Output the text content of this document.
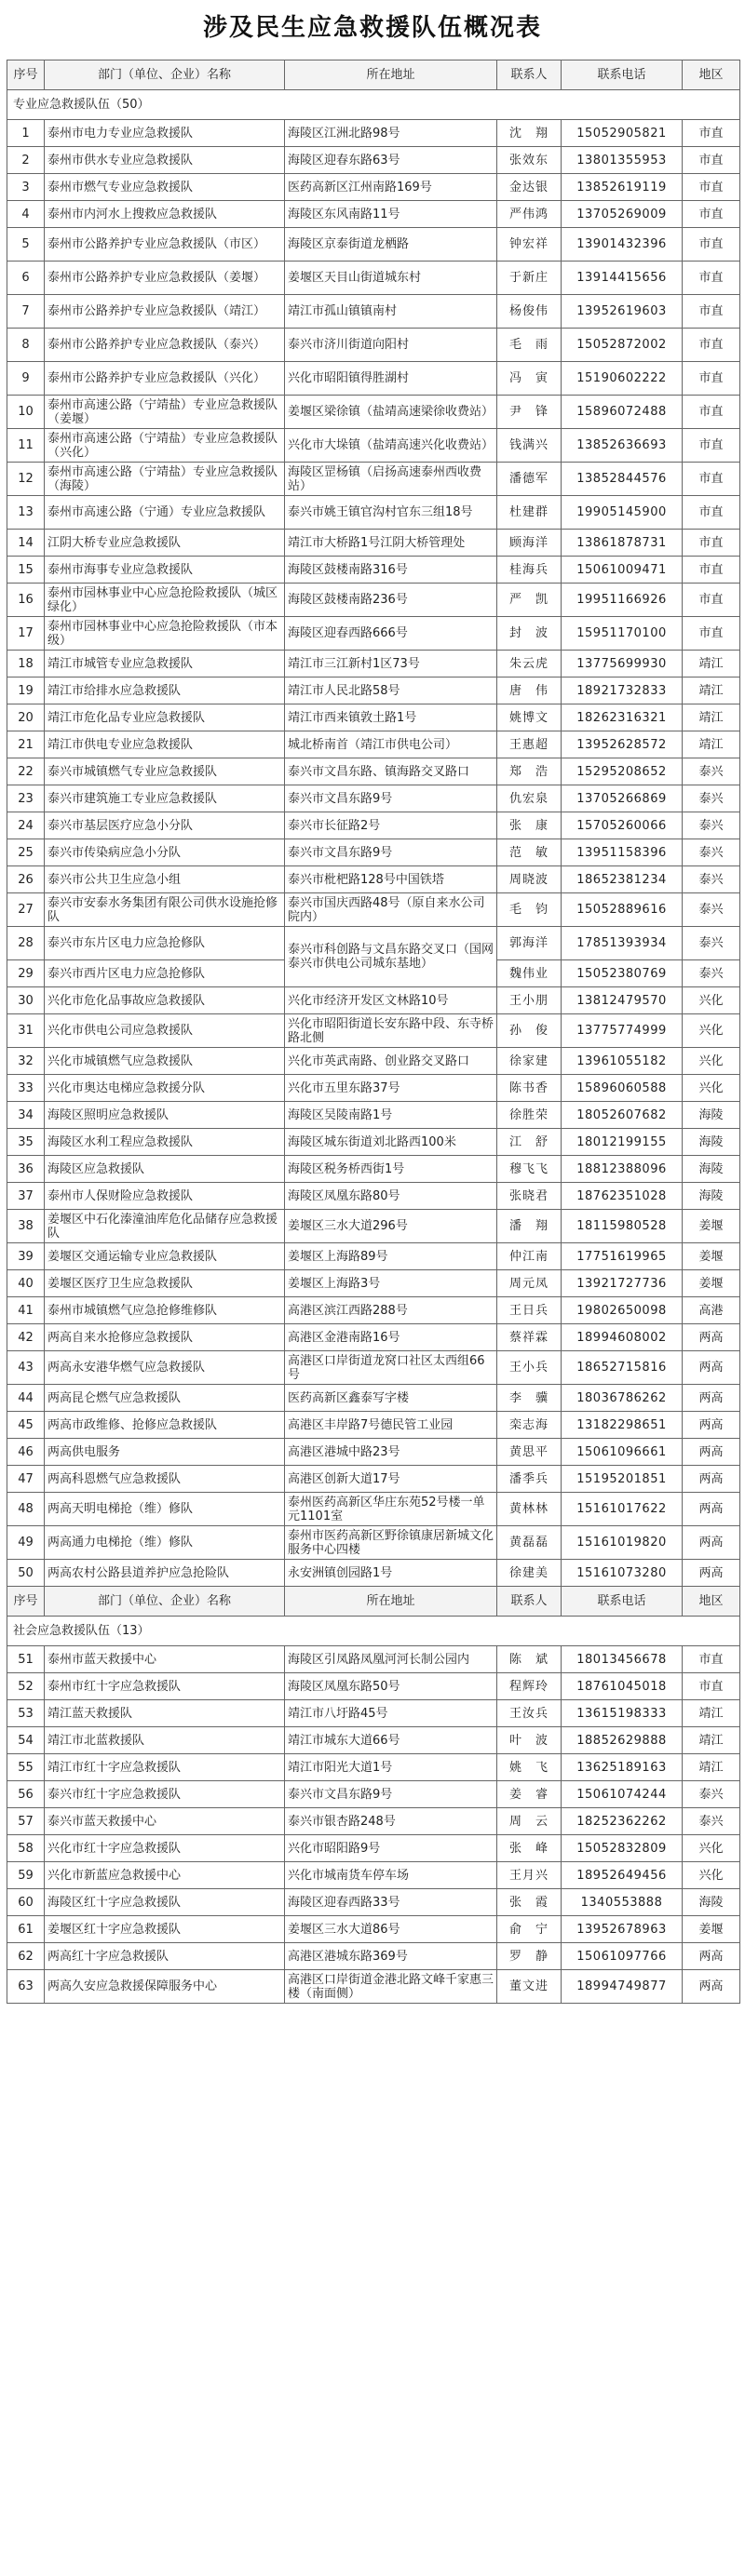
涉及民生应急救援队伍概况表
序号	部门（单位、企业）名称	所在地址	联系人	联系电话	地区
专业应急救援队伍（50）					
1	泰州市电力专业应急救援队	海陵区江洲北路98号	沈　翔	15052905821	市直
2	泰州市供水专业应急救援队	海陵区迎春东路63号	张效东	13801355953	市直
3	泰州市燃气专业应急救援队	医药高新区江州南路169号	金达银	13852619119	市直
4	泰州市内河水上搜救应急救援队	海陵区东风南路11号	严伟鸿	13705269009	市直
5	泰州市公路养护专业应急救援队（市区）	海陵区京泰街道龙栖路	钟宏祥	13901432396	市直
6	泰州市公路养护专业应急救援队（姜堰）	姜堰区天目山街道城东村	于新庄	13914415656	市直
7	泰州市公路养护专业应急救援队（靖江）	靖江市孤山镇镇南村	杨俊伟	13952619603	市直
8	泰州市公路养护专业应急救援队（泰兴）	泰兴市济川街道向阳村	毛　雨	15052872002	市直
9	泰州市公路养护专业应急救援队（兴化）	兴化市昭阳镇得胜湖村	冯　寅	15190602222	市直
10	泰州市高速公路（宁靖盐）专业应急救援队（姜堰）	姜堰区梁徐镇（盐靖高速梁徐收费站）	尹　锋	15896072488	市直
11	泰州市高速公路（宁靖盐）专业应急救援队（兴化）	兴化市大垛镇（盐靖高速兴化收费站）	钱满兴	13852636693	市直
12	泰州市高速公路（宁靖盐）专业应急救援队（海陵）	海陵区罡杨镇（启扬高速泰州西收费站）	潘德军	13852844576	市直
13	泰州市高速公路（宁通）专业应急救援队	泰兴市姚王镇官沟村官东三组18号	杜建群	19905145900	市直
14	江阴大桥专业应急救援队	靖江市大桥路1号江阴大桥管理处	顾海洋	13861878731	市直
15	泰州市海事专业应急救援队	海陵区鼓楼南路316号	桂海兵	15061009471	市直
16	泰州市园林事业中心应急抢险救援队（城区绿化）	海陵区鼓楼南路236号	严　凯	19951166926	市直
17	泰州市园林事业中心应急抢险救援队（市本级）	海陵区迎春西路666号	封　波	15951170100	市直
18	靖江市城管专业应急救援队	靖江市三江新村1区73号	朱云虎	13775699930	靖江
19	靖江市给排水应急救援队	靖江市人民北路58号	唐　伟	18921732833	靖江
20	靖江市危化品专业应急救援队	靖江市西来镇敦土路1号	姚博文	18262316321	靖江
21	靖江市供电专业应急救援队	城北桥南首（靖江市供电公司）	王惠超	13952628572	靖江
22	泰兴市城镇燃气专业应急救援队	泰兴市文昌东路、镇海路交叉路口	郑　浩	15295208652	泰兴
23	泰兴市建筑施工专业应急救援队	泰兴市文昌东路9号	仇宏泉	13705266869	泰兴
24	泰兴市基层医疗应急小分队	泰兴市长征路2号	张　康	15705260066	泰兴
25	泰兴市传染病应急小分队	泰兴市文昌东路9号	范　敏	13951158396	泰兴
26	泰兴市公共卫生应急小组	泰兴市枇杷路128号中国铁塔	周晓波	18652381234	泰兴
27	泰兴市安泰水务集团有限公司供水设施抢修队	泰兴市国庆西路48号（原自来水公司院内）	毛　钧	15052889616	泰兴
28	泰兴市东片区电力应急抢修队	泰兴市科创路与文昌东路交叉口（国网泰兴市供电公司城东基地）	郭海洋	17851393934	泰兴
29	泰兴市西片区电力应急抢修队		魏伟业	15052380769	泰兴
30	兴化市危化品事故应急救援队	兴化市经济开发区文林路10号	王小朋	13812479570	兴化
31	兴化市供电公司应急救援队	兴化市昭阳街道长安东路中段、东寺桥路北侧	孙　俊	13775774999	兴化
32	兴化市城镇燃气应急救援队	兴化市英武南路、创业路交叉路口	徐家建	13961055182	兴化
33	兴化市奥达电梯应急救援分队	兴化市五里东路37号	陈书香	15896060588	兴化
34	海陵区照明应急救援队	海陵区吴陵南路1号	徐胜荣	18052607682	海陵
35	海陵区水利工程应急救援队	海陵区城东街道刘北路西100米	江　舒	18012199155	海陵
36	海陵区应急救援队	海陵区税务桥西街1号	穆飞飞	18812388096	海陵
37	泰州市人保财险应急救援队	海陵区凤凰东路80号	张晓君	18762351028	海陵
38	姜堰区中石化溱潼油库危化品储存应急救援队	姜堰区三水大道296号	潘　翔	18115980528	姜堰
39	姜堰区交通运输专业应急救援队	姜堰区上海路89号	仲江南	17751619965	姜堰
40	姜堰区医疗卫生应急救援队	姜堰区上海路3号	周元凤	13921727736	姜堰
41	泰州市城镇燃气应急抢修维修队	高港区滨江西路288号	王日兵	19802650098	高港
42	两高自来水抢修应急救援队	高港区金港南路16号	蔡祥霖	18994608002	两高
43	两高永安港华燃气应急救援队	高港区口岸街道龙窝口社区太西组66号	王小兵	18652715816	两高
44	两高昆仑燃气应急救援队	医药高新区鑫泰写字楼	李　骥	18036786262	两高
45	两高市政维修、抢修应急救援队	高港区丰岸路7号德民管工业园	栾志海	13182298651	两高
46	两高供电服务	高港区港城中路23号	黄思平	15061096661	两高
47	两高科恩燃气应急救援队	高港区创新大道17号	潘季兵	15195201851	两高
48	两高天明电梯抢（维）修队	泰州医药高新区华庄东苑52号楼一单元1101室	黄林林	15161017622	两高
49	两高通力电梯抢（维）修队	泰州市医药高新区野徐镇康居新城文化服务中心四楼	黄磊磊	15161019820	两高
50	两高农村公路县道养护应急抢险队	永安洲镇创园路1号	徐建美	15161073280	两高
序号	部门（单位、企业）名称	所在地址	联系人	联系电话	地区
社会应急救援队伍（13）					
51	泰州市蓝天救援中心	海陵区引凤路凤凰河河长制公园内	陈　斌	18013456678	市直
52	泰州市红十字应急救援队	海陵区凤凰东路50号	程辉玲	18761045018	市直
53	靖江蓝天救援队	靖江市八圩路45号	王汝兵	13615198333	靖江
54	靖江市北蓝救援队	靖江市城东大道66号	叶　波	18852629888	靖江
55	靖江市红十字应急救援队	靖江市阳光大道1号	姚　飞	13625189163	靖江
56	泰兴市红十字应急救援队	泰兴市文昌东路9号	姜　睿	15061074244	泰兴
57	泰兴市蓝天救援中心	泰兴市银杏路248号	周　云	18252362262	泰兴
58	兴化市红十字应急救援队	兴化市昭阳路9号	张　峰	15052832809	兴化
59	兴化市新蓝应急救援中心	兴化市城南货车停车场	王月兴	18952649456	兴化
60	海陵区红十字应急救援队	海陵区迎春西路33号	张　霞	1340553888	海陵
61	姜堰区红十字应急救援队	姜堰区三水大道86号	俞　宁	13952678963	姜堰
62	两高红十字应急救援队	高港区港城东路369号	罗　静	15061097766	两高
63	两高久安应急救援保障服务中心	高港区口岸街道金港北路文峰千家惠三楼（南面侧）	董文进	18994749877	两高
